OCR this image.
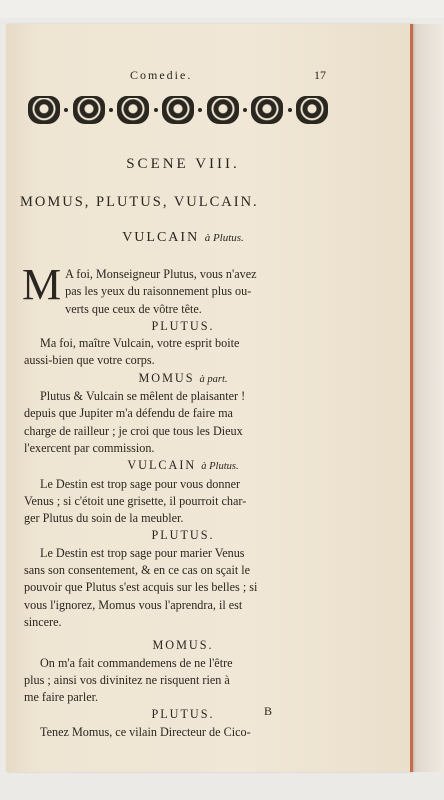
Comedie.	17
SCENE VIII.
MOMUS, PLUTUS, VULCAIN.
VULCAIN à Plutus.
M A foi, Monseigneur Plutus, vous n'avez
pas les yeux du raisonnement plus ou-
verts que ceux de vôtre tête.
PLUTUS.
Ma foi, maître Vulcain, votre esprit boite
aussi-bien que votre corps.
MOMUS à part.
Plutus & Vulcain se mêlent de plaisanter !
depuis que Jupiter m'a défendu de faire ma
charge de railleur ; je croi que tous les Dieux
l'exercent par commission.
VULCAIN à Plutus.
Le Destin est trop sage pour vous donner
Venus ; si c'étoit une grisette, il pourroit char-
ger Plutus du soin de la meubler.
PLUTUS.
Le Destin est trop sage pour marier Venus
sans son consentement, & en ce cas on sçait le
pouvoir que Plutus s'est acquis sur les belles ; si
vous l'ignorez, Momus vous l'aprendra, il est
sincere.
MOMUS.
On m'a fait commandemens de ne l'être
plus ; ainsi vos divinitez ne risquent rien à
me faire parler.
PLUTUS.
Tenez Momus, ce vilain Directeur de Cico-
B
